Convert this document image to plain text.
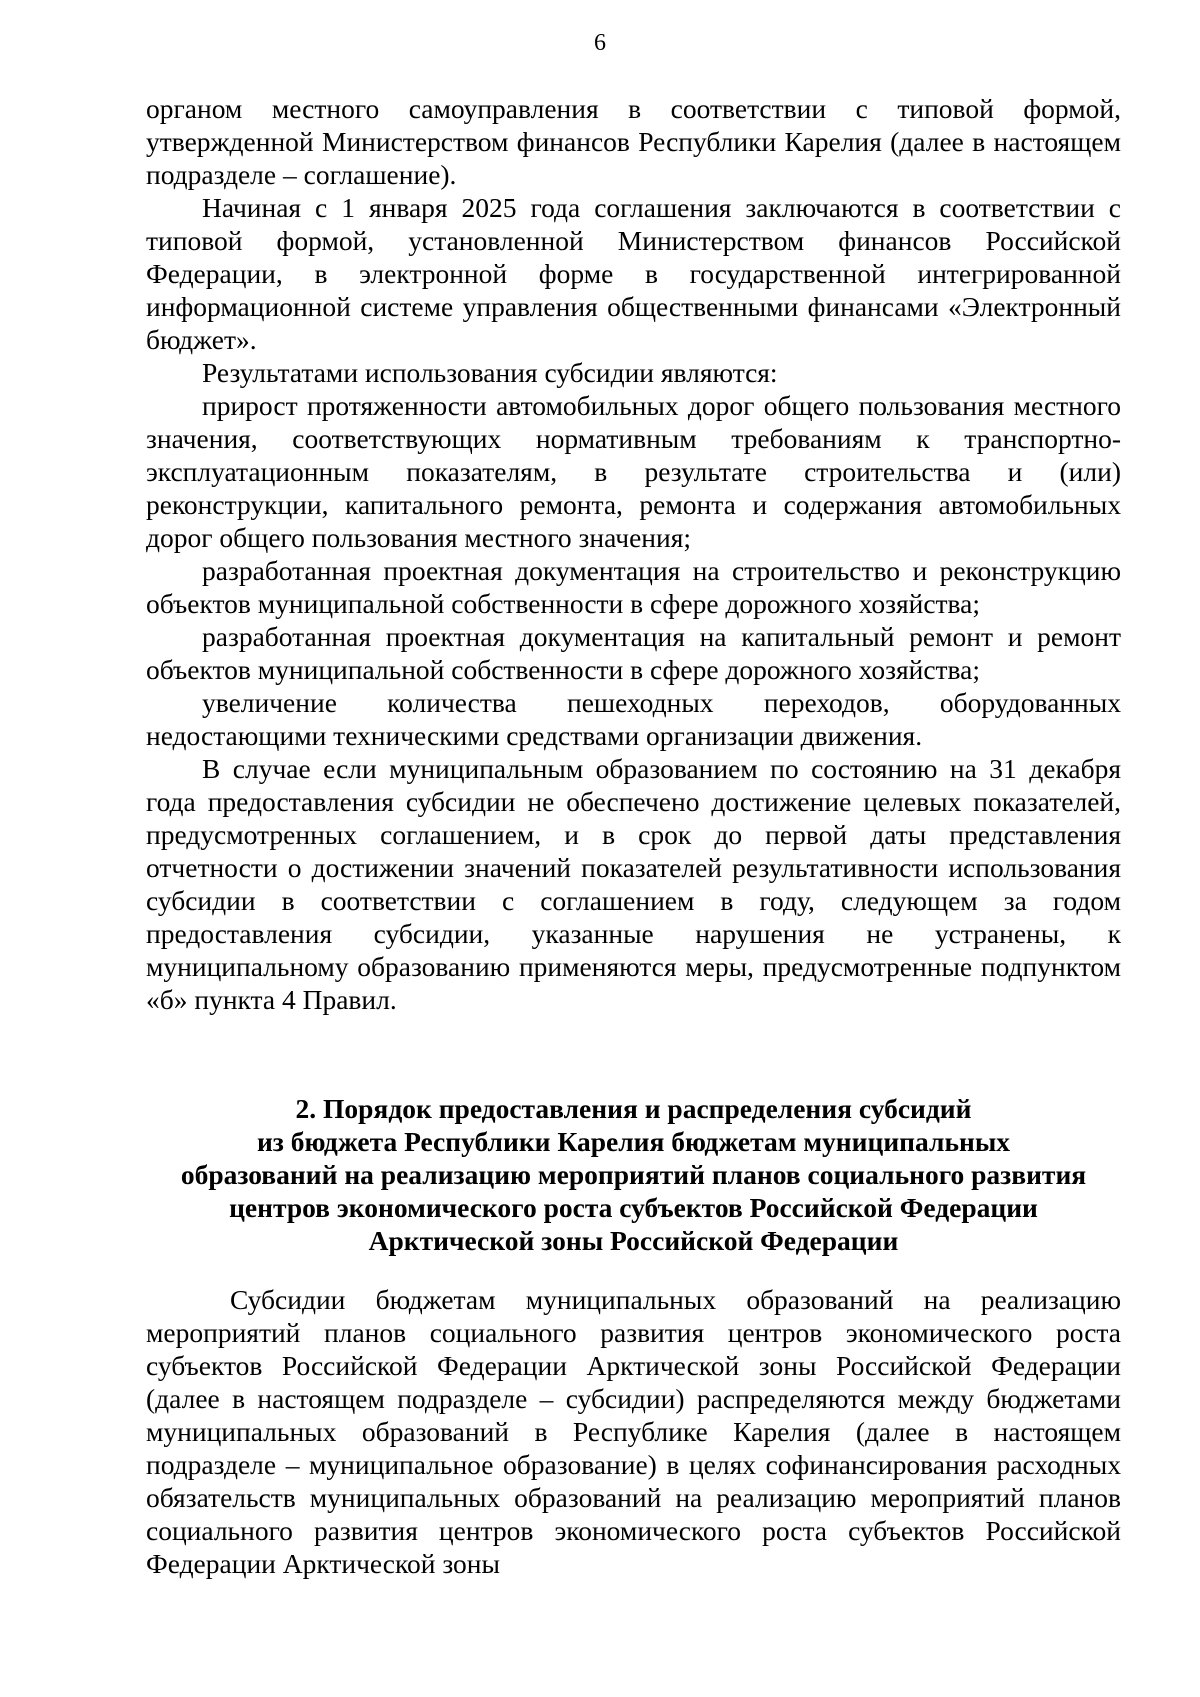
6

органом местного самоуправления в соответствии с типовой формой, утвержденной Министерством финансов Республики Карелия (далее в настоящем подразделе – соглашение).

Начиная с 1 января 2025 года соглашения заключаются в соответствии с типовой формой, установленной Министерством финансов Российской Федерации, в электронной форме в государственной интегрированной информационной системе управления общественными финансами «Электронный бюджет».

Результатами использования субсидии являются:

прирост протяженности автомобильных дорог общего пользования местного значения, соответствующих нормативным требованиям к транспортно-эксплуатационным показателям, в результате строительства и (или) реконструкции, капитального ремонта, ремонта и содержания автомобильных дорог общего пользования местного значения;

разработанная проектная документация на строительство и реконструкцию объектов муниципальной собственности в сфере дорожного хозяйства;

разработанная проектная документация на капитальный ремонт и ремонт объектов муниципальной собственности в сфере дорожного хозяйства;

увеличение количества пешеходных переходов, оборудованных недостающими техническими средствами организации движения.

В случае если муниципальным образованием по состоянию на 31 декабря года предоставления субсидии не обеспечено достижение целевых показателей, предусмотренных соглашением, и в срок до первой даты представления отчетности о достижении значений показателей результативности использования субсидии в соответствии с соглашением в году, следующем за годом предоставления субсидии, указанные нарушения не устранены, к муниципальному образованию применяются меры, предусмотренные подпунктом «б» пункта 4 Правил.

2. Порядок предоставления и распределения субсидий
из бюджета Республики Карелия бюджетам муниципальных
образований на реализацию мероприятий планов социального развития
центров экономического роста субъектов Российской Федерации
Арктической зоны Российской Федерации

Субсидии бюджетам муниципальных образований на реализацию мероприятий планов социального развития центров экономического роста субъектов Российской Федерации Арктической зоны Российской Федерации (далее в настоящем подразделе – субсидии) распределяются между бюджетами муниципальных образований в Республике Карелия (далее в настоящем подразделе – муниципальное образование) в целях софинансирования расходных обязательств муниципальных образований на реализацию мероприятий планов социального развития центров экономического роста субъектов Российской Федерации Арктической зоны
